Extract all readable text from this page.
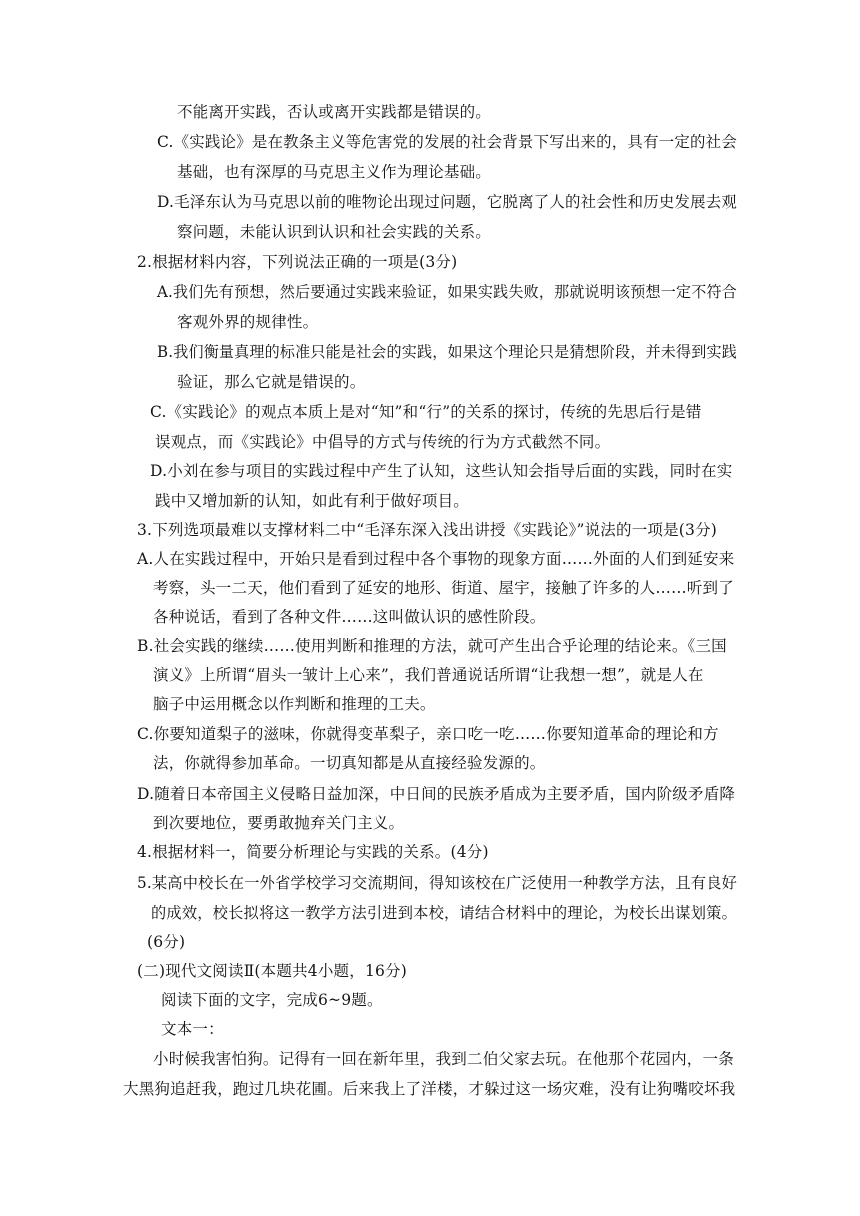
不能离开实践，否认或离开实践都是错误的。
C.《实践论》是在教条主义等危害党的发展的社会背景下写出来的，具有一定的社会
基础，也有深厚的马克思主义作为理论基础。
D.毛泽东认为马克思以前的唯物论出现过问题，它脱离了人的社会性和历史发展去观
察问题，未能认识到认识和社会实践的关系。
2.根据材料内容，下列说法正确的一项是(3分)
A.我们先有预想，然后要通过实践来验证，如果实践失败，那就说明该预想一定不符合
客观外界的规律性。
B.我们衡量真理的标准只能是社会的实践，如果这个理论只是猜想阶段，并未得到实践
验证，那么它就是错误的。
C.《实践论》的观点本质上是对“知”和“行”的关系的探讨，传统的先思后行是错
误观点，而《实践论》中倡导的方式与传统的行为方式截然不同。
D.小刘在参与项目的实践过程中产生了认知，这些认知会指导后面的实践，同时在实
践中又增加新的认知，如此有利于做好项目。
3.下列选项最难以支撑材料二中“毛泽东深入浅出讲授《实践论》”说法的一项是(3分)
A.人在实践过程中，开始只是看到过程中各个事物的现象方面……外面的人们到延安来
考察，头一二天，他们看到了延安的地形、街道、屋宇，接触了许多的人……听到了
各种说话，看到了各种文件……这叫做认识的感性阶段。
B.社会实践的继续……使用判断和推理的方法，就可产生出合乎论理的结论来。《三国
演义》上所谓“眉头一皱计上心来”，我们普通说话所谓“让我想一想”，就是人在
脑子中运用概念以作判断和推理的工夫。
C.你要知道梨子的滋味，你就得变革梨子，亲口吃一吃……你要知道革命的理论和方
法，你就得参加革命。一切真知都是从直接经验发源的。
D.随着日本帝国主义侵略日益加深，中日间的民族矛盾成为主要矛盾，国内阶级矛盾降
到次要地位，要勇敢抛弃关门主义。
4.根据材料一，简要分析理论与实践的关系。(4分)
5.某高中校长在一外省学校学习交流期间，得知该校在广泛使用一种教学方法，且有良好
的成效，校长拟将这一教学方法引进到本校，请结合材料中的理论，为校长出谋划策。
(6分)
(二)现代文阅读Ⅱ(本题共4小题，16分)
阅读下面的文字，完成6~9题。
文本一：
小时候我害怕狗。记得有一回在新年里，我到二伯父家去玩。在他那个花园内，一条
大黑狗追赶我，跑过几块花圃。后来我上了洋楼，才躲过这一场灾难，没有让狗嘴咬坏我
